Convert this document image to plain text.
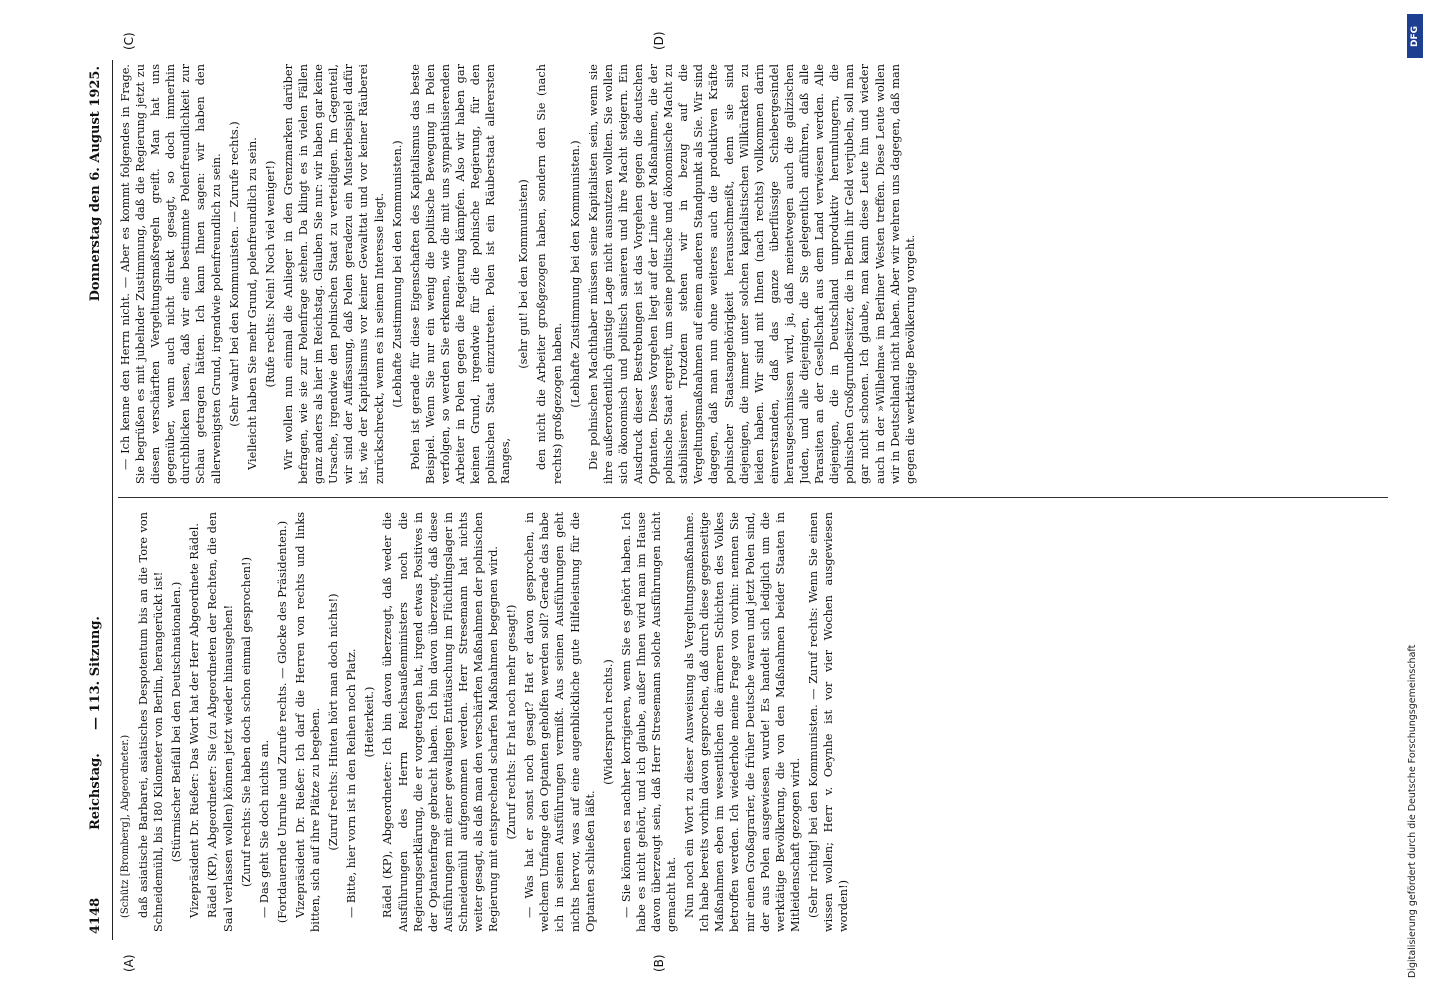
4148
Reichstag.
— 113. Sitzung.
Donnerstag den 6. August 1925.
(A)	(B)
(C)	(D)

(Schütz [Bromberg], Abgeordneter.) daß asiatische Barbarei, asiatisches Despotentum bis an die Tore von Schneidemühl, bis 180 Kilometer von Berlin, herangerückt ist! (Stürmischer Beifall bei den Deutschnationalen.) Vizepräsident Dr. Rießer: Das Wort hat der Herr Abgeordnete Rädel. Rädel (KP), Abgeordneter: Sie (zu Abgeordneten der Rechten, die den Saal verlassen wollen) können jetzt wieder hinausgehen! (Zuruf rechts: Sie haben doch schon einmal gesprochen!) — Das geht Sie doch nichts an. (Fortdauernde Unruhe und Zurufe rechts. — Glocke des Präsidenten.) Vizepräsident Dr. Rießer: Ich darf die Herren von rechts und links bitten, sich auf ihre Plätze zu begeben. (Zuruf rechts: Hinten hört man doch nichts!) — Bitte, hier vorn ist in den Reihen noch Platz. (Heiterkeit.) Rädel (KP), Abgeordneter: Ich bin davon überzeugt, daß weder die Ausführungen des Herrn Reichsaußenministers noch die Regierungserklärung, die er vorgetragen hat, irgend etwas Positives in der Optantenfrage gebracht haben. Ich bin davon überzeugt, daß diese Ausführungen mit einer gewaltigen Enttäuschung im Flüchtlingslager in Schneidemühl aufgenommen werden. Herr Stresemann hat nichts weiter gesagt, als daß man den verschärften Maßnahmen der polnischen Regierung mit entsprechend scharfen Maßnahmen begegnen wird. (Zuruf rechts: Er hat noch mehr gesagt!) — Was hat er sonst noch gesagt? Hat er davon gesprochen, in welchem Umfange den Optanten geholfen werden soll? Gerade das habe ich in seinen Ausführungen vermißt. Aus seinen Ausführungen geht nichts hervor, was auf eine augenblickliche gute Hilfeleistung für die Optanten schließen läßt.

(Widerspruch rechts.) — Sie können es nachher korrigieren, wenn Sie es gehört haben. Ich habe es nicht gehört, und ich glaube, außer Ihnen wird man im Hause davon überzeugt sein, daß Herr Stresemann solche Ausführungen nicht gemacht hat. Nun noch ein Wort zu dieser Ausweisung als Vergeltungsmaßnahme. Ich habe bereits vorhin davon gesprochen, daß durch diese gegenseitige Maßnahmen eben im wesentlichen die ärmeren Schichten des Volkes betroffen werden. Ich wiederhole meine Frage von vorhin: nennen Sie mir einen Großagrarier, die früher Deutsche waren und jetzt Polen sind, der aus Polen ausgewiesen wurde! Es handelt sich lediglich um die werktätige Bevölkerung, die von den Maßnahmen beider Staaten in Mitleidenschaft gezogen wird. (Sehr richtig! bei den Kommunisten. — Zuruf rechts: Wenn Sie einen wissen wollen; Herr v. Oeynhe ist vor vier Wochen ausgewiesen worden!)

— Ich kenne den Herrn nicht. — Aber es kommt folgendes in Frage. Sie begrüßen es mit jubelnder Zustimmung, daß die Regierung jetzt zu diesen verschärften Vergeltungsmaßregeln greift. Man hat uns gegenüber, wenn auch nicht direkt gesagt, so doch immerhin durchblicken lassen, daß wir eine bestimmte Polenfreundlichkeit zur Schau getragen hätten. Ich kann Ihnen sagen: wir haben den allerwenigsten Grund, irgendwie polenfreundlich zu sein. (Sehr wahr! bei den Kommunisten. — Zurufe rechts.) Vielleicht haben Sie mehr Grund, polenfreundlich zu sein. (Rufe rechts: Nein! Noch viel weniger!) Wir wollen nun einmal die Anlieger in den Grenzmarken darüber befragen, wie sie zur Polenfrage stehen. Da klingt es in vielen Fällen ganz anders als hier im Reichstag. Glauben Sie nur: wir haben gar keine Ursache, irgendwie den polnischen Staat zu verteidigen. Im Gegenteil, wir sind der Auffassung, daß Polen geradezu ein Musterbeispiel dafür ist, wie der Kapitalismus vor keiner Gewalttat und vor keiner Räuberei zurückschreckt, wenn es in seinem Interesse liegt. (Lebhafte Zustimmung bei den Kommunisten.) Polen ist gerade für diese Eigenschaften des Kapitalismus das beste Beispiel. Wenn Sie nur ein wenig die politische Bewegung in Polen verfolgen, so werden Sie erkennen, wie die mit uns sympathisierenden Arbeiter in Polen gegen die Regierung kämpfen. Also wir haben gar keinen Grund, irgendwie für die polnische Regierung, für den polnischen Staat einzutreten. Polen ist ein Räuberstaat allerersten Ranges,

(sehr gut! bei den Kommunisten) den nicht die Arbeiter großgezogen haben, sondern den Sie (nach rechts) großgezogen haben. (Lebhafte Zustimmung bei den Kommunisten.) Die polnischen Machthaber müssen seine Kapitalisten sein, wenn sie ihre außerordentlich günstige Lage nicht ausnutzen wollten. Sie wollen sich ökonomisch und politisch sanieren und ihre Macht steigern. Ein Ausdruck dieser Bestrebungen ist das Vorgehen gegen die deutschen Optanten. Dieses Vorgehen liegt auf der Linie der Maßnahmen, die der polnische Staat ergreift, um seine politische und ökonomische Macht zu stabilisieren. Trotzdem stehen wir in bezug auf die Vergeltungsmaßnahmen auf einem anderen Standpunkt als Sie. Wir sind dagegen, daß man nun ohne weiteres auch die produktiven Kräfte polnischer Staatsangehörigkeit herausschmeißt, denn sie sind diejenigen, die immer unter solchen kapitalistischen Willkürakten zu leiden haben. Wir sind mit Ihnen (nach rechts) vollkommen darin einverstanden, daß das ganze überflüssige Schiebergesindel herausgeschmissen wird, ja, daß meinetwegen auch die galizischen Juden, und alle diejenigen, die Sie gelegentlich anführen, daß alle Parasiten an der Gesellschaft aus dem Land verwiesen werden. Alle diejenigen, die in Deutschland unproduktiv herumlungern, die polnischen Großgrundbesitzer, die in Berlin ihr Geld verjubeln, soll man gar nicht schonen. Ich glaube, man kann diese Leute hin und wieder auch in der »Wilhelma« im Berliner Westen treffen. Diese Leute wollen wir in Deutschland nicht haben. Aber wir wehren uns dagegen, daß man gegen die werktätige Bevölkerung vorgeht.

DFG
Digitalisierung gefördert durch die Deutsche Forschungsgemeinschaft
